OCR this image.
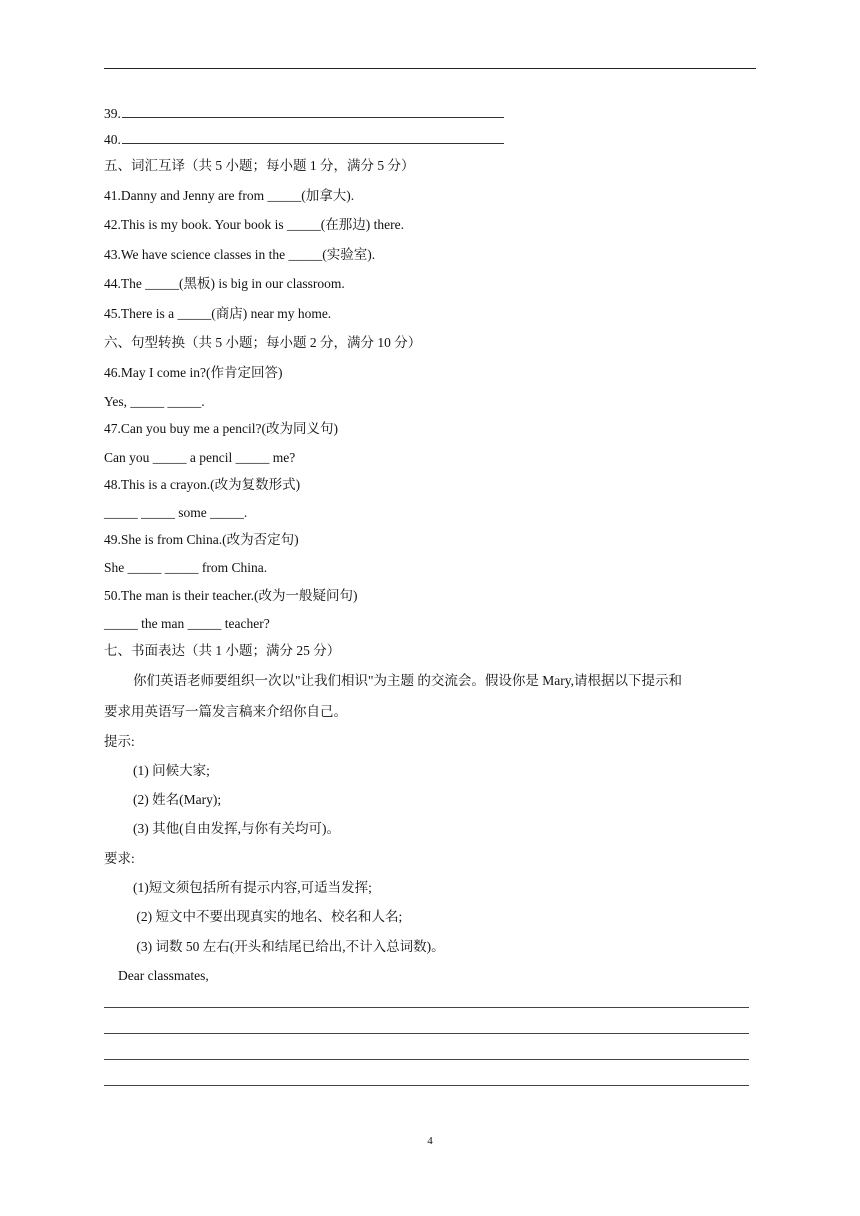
39.
40.
五、词汇互译（共 5 小题；每小题 1 分，满分 5 分）
41.Danny and Jenny are from _____(加拿大).
42.This is my book. Your book is _____(在那边) there.
43.We have science classes in the _____(实验室).
44.The _____(黑板) is big in our classroom.
45.There is a _____(商店) near my home.
六、句型转换（共 5 小题；每小题 2 分，满分 10 分）
46.May I come in?(作肯定回答)
Yes, _____ _____.
47.Can you buy me a pencil?(改为同义句)
Can you _____ a pencil _____ me?
48.This is a crayon.(改为复数形式)
_____ _____ some _____.
49.She is from China.(改为否定句)
She _____ _____ from China.
50.The man is their teacher.(改为一般疑问句)
_____ the man _____ teacher?
七、书面表达（共 1 小题；满分 25 分）
你们英语老师要组织一次以"让我们相识"为主题 的交流会。假设你是 Mary,请根据以下提示和
要求用英语写一篇发言稿来介绍你自己。
提示:
(1) 问候大家;
(2) 姓名(Mary);
(3) 其他(自由发挥,与你有关均可)。
要求:
(1)短文须包括所有提示内容,可适当发挥;
(2) 短文中不要出现真实的地名、校名和人名;
(3) 词数 50 左右(开头和结尾已给出,不计入总词数)。
Dear classmates,
4
